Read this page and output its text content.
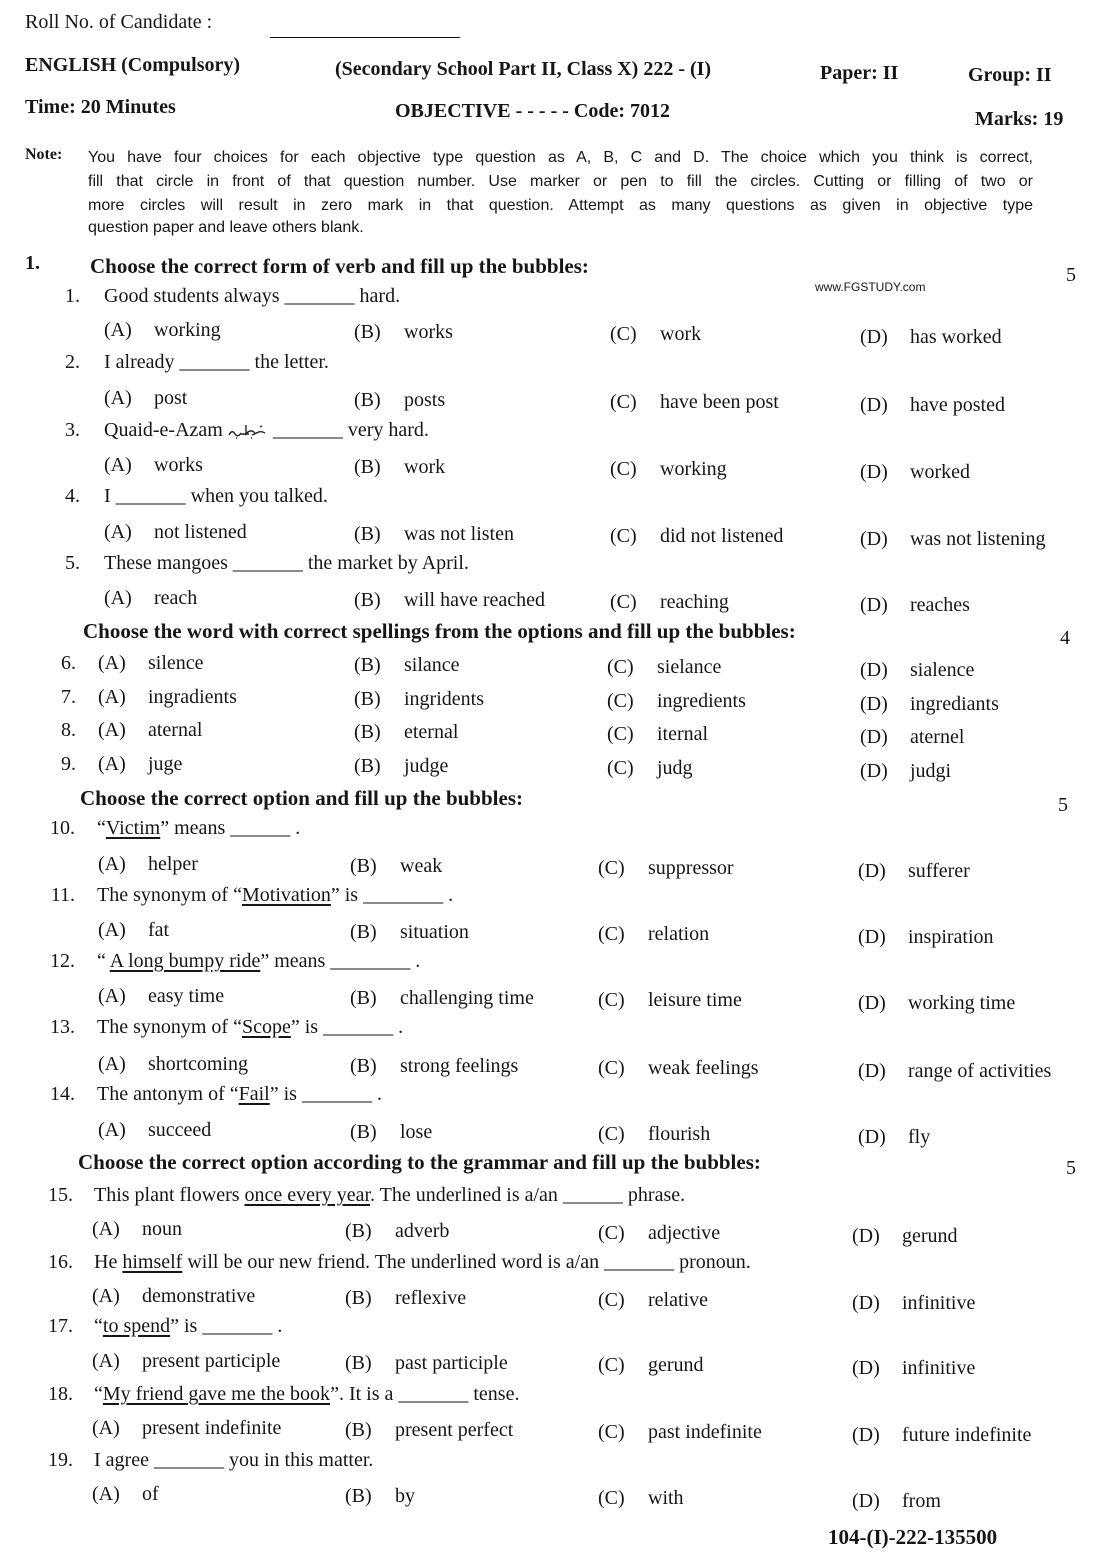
Roll No. of Candidate :
ENGLISH (Compulsory)	(Secondary School Part II, Class X) 222 - (I)	Paper: II	Group: II
Time: 20 Minutes	OBJECTIVE - - - - - Code: 7012	Marks: 19
Note: You have four choices for each objective type question as A, B, C and D. The choice which you think is correct,
fill that circle in front of that question number. Use marker or pen to fill the circles. Cutting or filling of two or
more circles will result in zero mark in that question. Attempt as many questions as given in objective type
question paper and leave others blank.
1. Choose the correct form of verb and fill up the bubbles:	5
www.FGSTUDY.com
1. Good students always _______ hard.
(A) working	(B) works	(C) work	(D) has worked
2. I already _______ the letter.
(A) post	(B) posts	(C) have been post	(D) have posted
3. Quaid-e-Azam	_______ very hard.
(A) works	(B) work	(C) working	(D) worked
4. I _______ when you talked.
(A) not listened	(B) was not listen	(C) did not listened	(D) was not listening
5. These mangoes _______ the market by April.
(A) reach	(B) will have reached	(C) reaching	(D) reaches
Choose the word with correct spellings from the options and fill up the bubbles:	4
6. (A) silence	(B) silance	(C) sielance	(D) sialence
7. (A) ingradients	(B) ingridents	(C) ingredients	(D) ingrediants
8. (A) aternal	(B) eternal	(C) iternal	(D) aternel
9. (A) juge	(B) judge	(C) judg	(D) judgi
Choose the correct option and fill up the bubbles:	5
10. “Victim” means ______ .
(A) helper	(B) weak	(C) suppressor	(D) sufferer
11. The synonym of “Motivation” is ________ .
(A) fat	(B) situation	(C) relation	(D) inspiration
12. “ A long bumpy ride” means ________ .
(A) easy time	(B) challenging time	(C) leisure time	(D) working time
13. The synonym of “Scope” is _______ .
(A) shortcoming	(B) strong feelings	(C) weak feelings	(D) range of activities
14. The antonym of “Fail” is _______ .
(A) succeed	(B) lose	(C) flourish	(D) fly
Choose the correct option according to the grammar and fill up the bubbles:	5
15. This plant flowers once every year. The underlined is a/an ______ phrase.
(A) noun	(B) adverb	(C) adjective	(D) gerund
16. He himself will be our new friend. The underlined word is a/an _______ pronoun.
(A) demonstrative	(B) reflexive	(C) relative	(D) infinitive
17. “to spend” is _______ .
(A) present participle	(B) past participle	(C) gerund	(D) infinitive
18. “My friend gave me the book”. It is a _______ tense.
(A) present indefinite	(B) present perfect	(C) past indefinite	(D) future indefinite
19. I agree _______ you in this matter.
(A) of	(B) by	(C) with	(D) from
104-(I)-222-135500
